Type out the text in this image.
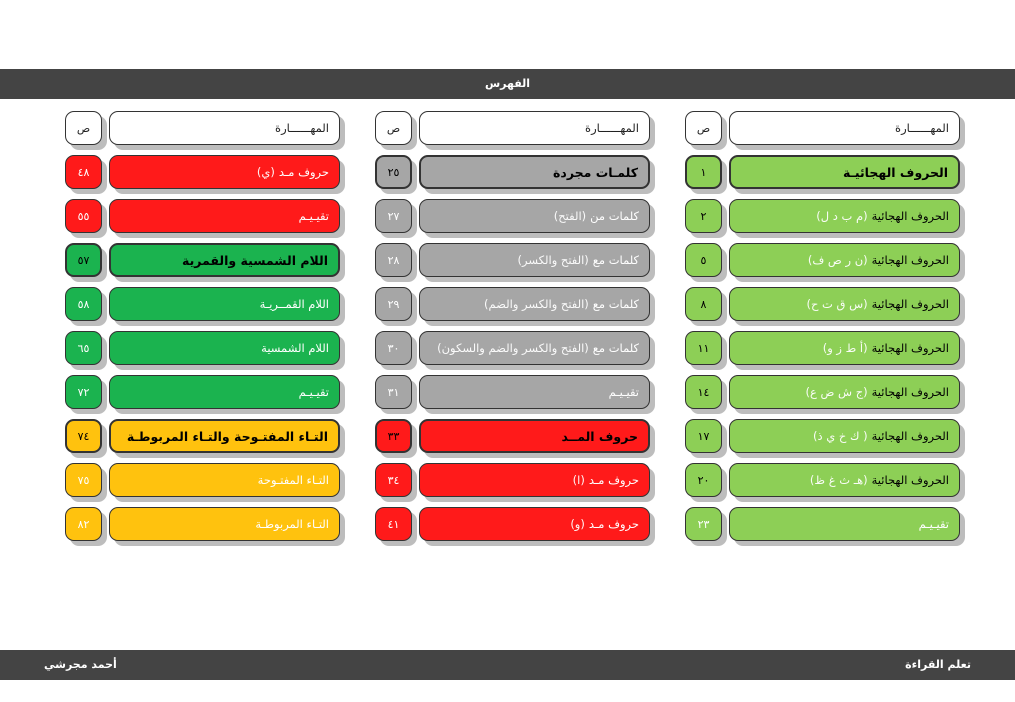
الفهرس
ص	المهــــــارة
١	الحروف الهجائيـة
٢	الحروف الهجائية
(م ب د ل)
٥	الحروف الهجائية
(ن ر ص ف)
٨	الحروف الهجائية
(س ق ت ح)
١١	الحروف الهجائية
(أ ط ز و)
١٤	الحروف الهجائية
(ج ش ض ع)
١٧	الحروف الهجائية
( ك خ ي ذ)
٢٠	الحروف الهجائية
(هـ ث غ ظ)
٢٣	تقيـيـم
ص	المهــــــارة
٢٥	كلمـات مجردة
٢٧	كلمات من
(الفتح)
٢٨	كلمات مع
(الفتح والكسر)
٢٩	كلمات مع
(الفتح والكسر والضم)
٣٠	كلمات مع
(الفتح والكسر والضم والسكون)
٣١	تقيـيـم
٣٣	حروف المــد
٣٤	حروف مـد
(ا)
٤١	حروف مـد
(و)
ص	المهــــــارة
٤٨	حروف مـد
(ي)
٥٥	تقيـيـم
٥٧	اللام الشمسية والقمرية
٥٨	اللام القمــريـة
٦٥	اللام الشمسية
٧٢	تقيـيـم
٧٤	التـاء المفتـوحة والتـاء المربوطـة
٧٥	التـاء المفتـوحة
٨٢	التـاء المربوطـة
تعلم القراءة
أحمد مجرشي
